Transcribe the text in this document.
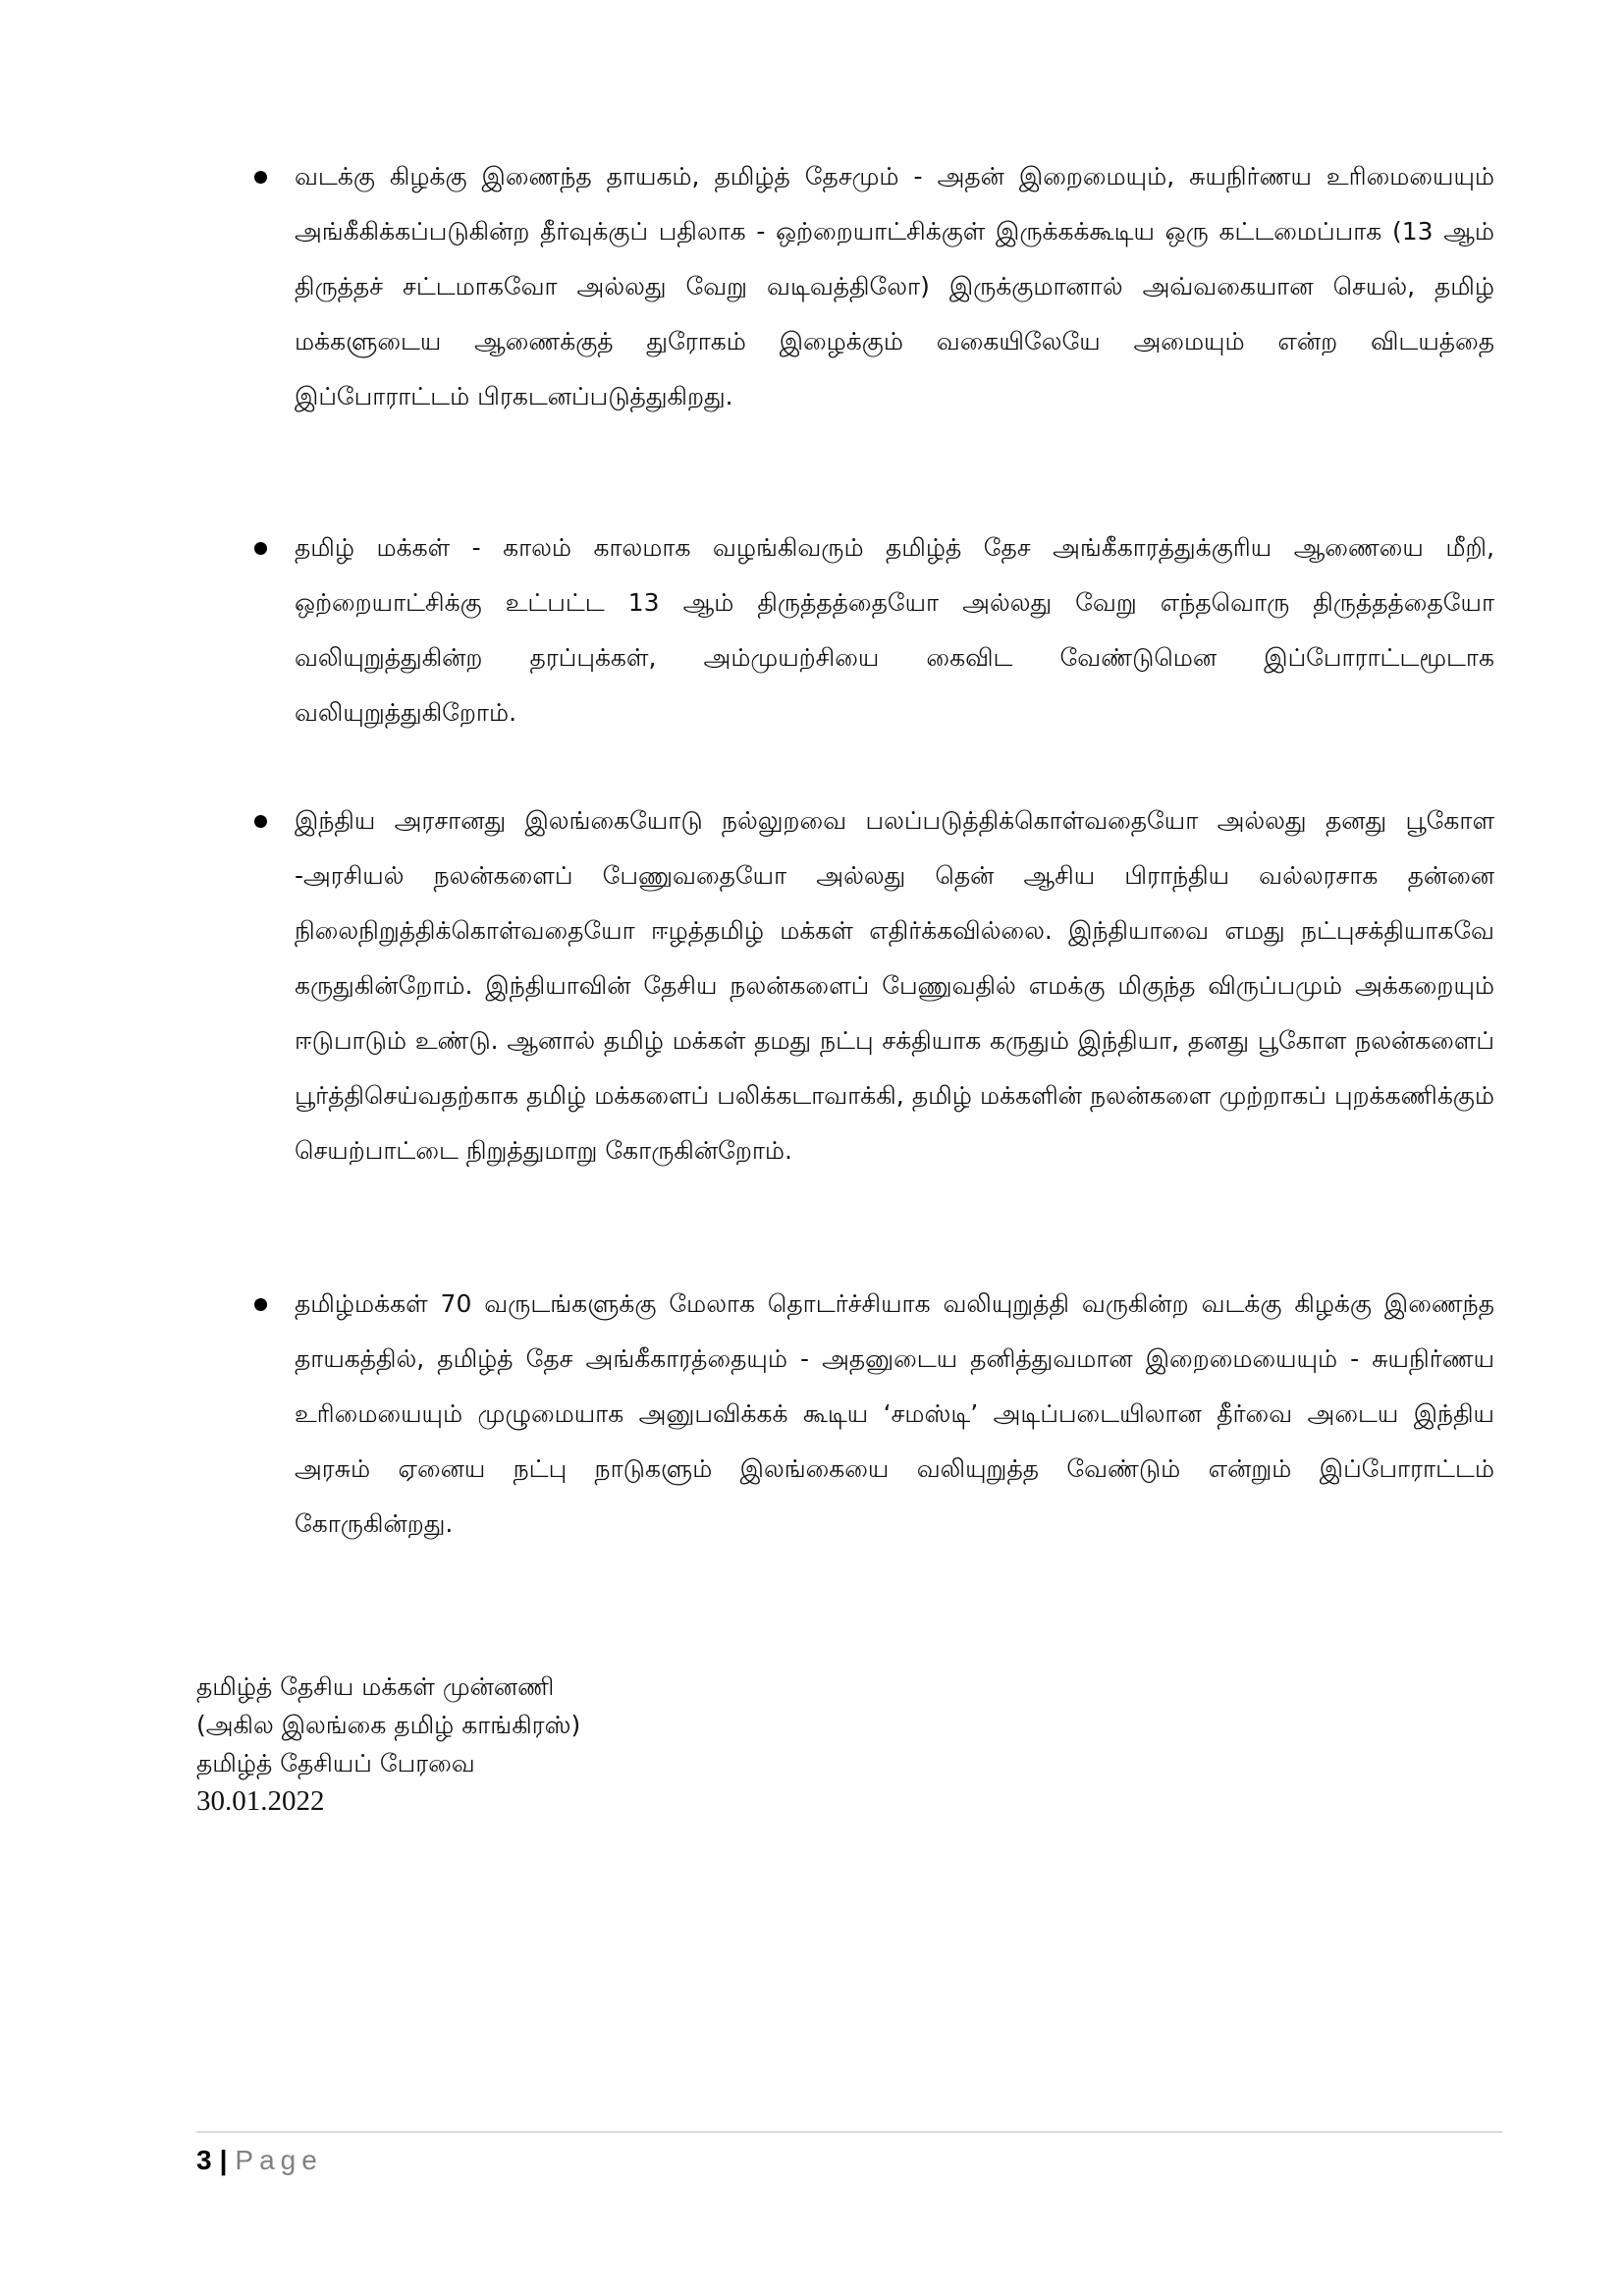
வடக்கு கிழக்கு இணைந்த தாயகம், தமிழ்த் தேசமும் - அதன் இறைமையும், சுயநிர்ணய உரிமையையும் அங்கீகிக்கப்படுகின்ற தீர்வுக்குப் பதிலாக - ஒற்றையாட்சிக்குள் இருக்கக்கூடிய ஒரு கட்டமைப்பாக (13 ஆம் திருத்தச் சட்டமாகவோ அல்லது வேறு வடிவத்திலோ) இருக்குமானால் அவ்வகையான செயல், தமிழ் மக்களுடைய ஆணைக்குத் துரோகம் இழைக்கும் வகையிலேயே அமையும் என்ற விடயத்தை இப்போராட்டம் பிரகடனப்படுத்துகிறது.
தமிழ் மக்கள் - காலம் காலமாக வழங்கிவரும் தமிழ்த் தேச அங்கீகாரத்துக்குரிய ஆணையை மீறி, ஒற்றையாட்சிக்கு உட்பட்ட 13 ஆம் திருத்தத்தையோ அல்லது வேறு எந்தவொரு திருத்தத்தையோ வலியுறுத்துகின்ற தரப்புக்கள், அம்முயற்சியை கைவிட வேண்டுமென இப்போராட்டமூடாக வலியுறுத்துகிறோம்.
இந்திய அரசானது இலங்கையோடு நல்லுறவை பலப்படுத்திக்கொள்வதையோ அல்லது தனது பூகோள -அரசியல் நலன்களைப் பேணுவதையோ அல்லது தென் ஆசிய பிராந்திய வல்லரசாக தன்னை நிலைநிறுத்திக்கொள்வதையோ ஈழத்தமிழ் மக்கள் எதிர்க்கவில்லை. இந்தியாவை எமது நட்புசக்தியாகவே கருதுகின்றோம். இந்தியாவின் தேசிய நலன்களைப் பேணுவதில் எமக்கு மிகுந்த விருப்பமும் அக்கறையும் ஈடுபாடும் உண்டு. ஆனால் தமிழ் மக்கள் தமது நட்பு சக்தியாக கருதும் இந்தியா, தனது பூகோள நலன்களைப் பூர்த்திசெய்வதற்காக தமிழ் மக்களைப் பலிக்கடாவாக்கி, தமிழ் மக்களின் நலன்களை முற்றாகப் புறக்கணிக்கும் செயற்பாட்டை நிறுத்துமாறு கோருகின்றோம்.
தமிழ்மக்கள் 70 வருடங்களுக்கு மேலாக தொடர்ச்சியாக வலியுறுத்தி வருகின்ற வடக்கு கிழக்கு இணைந்த தாயகத்தில், தமிழ்த் தேச அங்கீகாரத்தையும் - அதனுடைய தனித்துவமான இறைமையையும் - சுயநிர்ணய உரிமையையும் முழுமையாக அனுபவிக்கக் கூடிய ‘சமஸ்டி’ அடிப்படையிலான தீர்வை அடைய இந்திய அரசும் ஏனைய நட்பு நாடுகளும் இலங்கையை வலியுறுத்த வேண்டும் என்றும் இப்போராட்டம் கோருகின்றது.
தமிழ்த் தேசிய மக்கள் முன்னணி
(அகில இலங்கை தமிழ் காங்கிரஸ்)
தமிழ்த் தேசியப் பேரவை
30.01.2022
3 | Page
